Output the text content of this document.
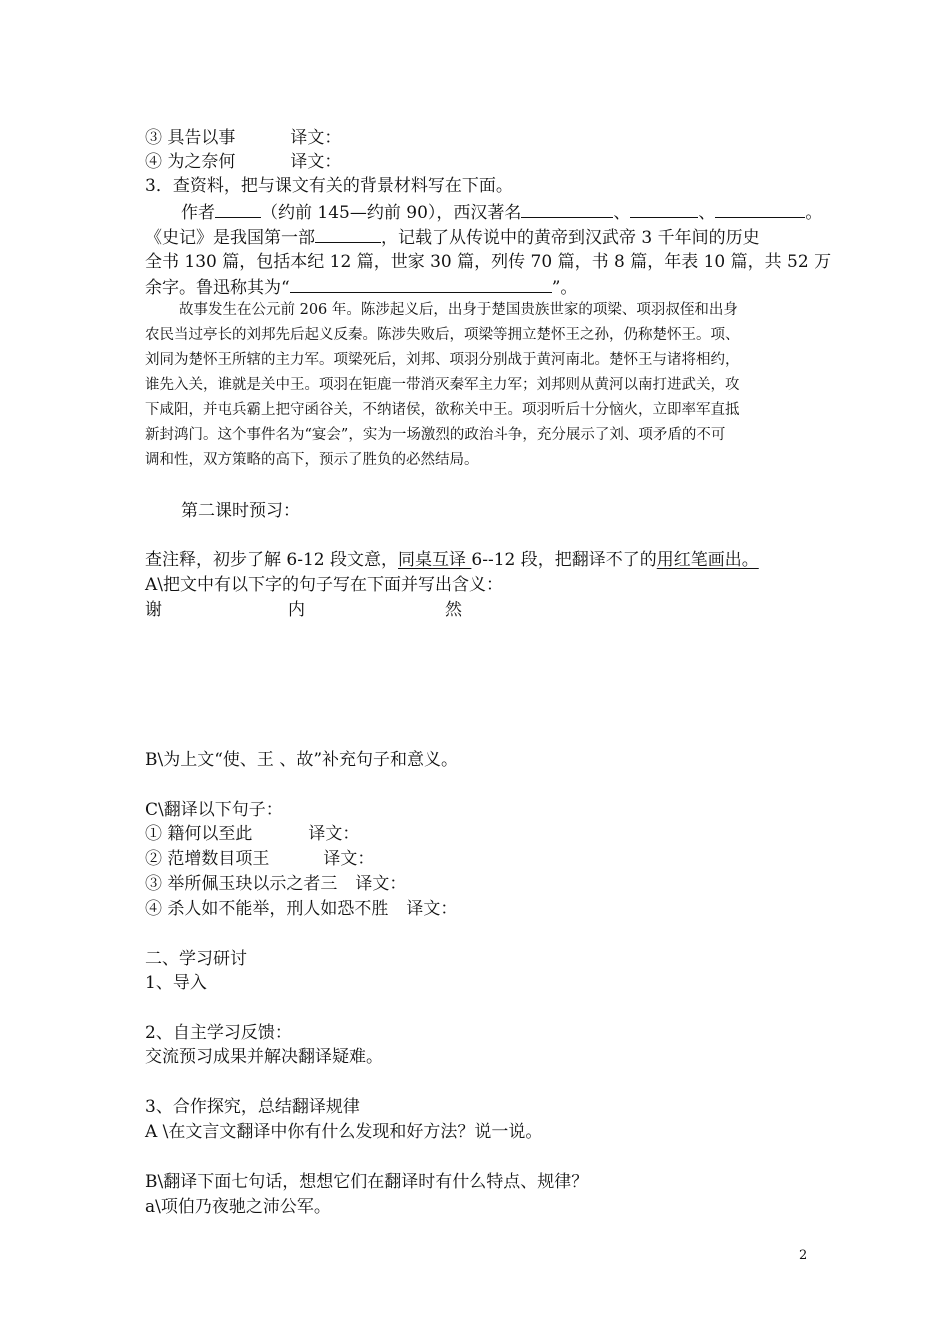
③ 具告以事	译文：
④ 为之奈何	译文：
3．查资料，把与课文有关的背景材料写在下面。
作者	（约前 145—约前 90），西汉著名	、	、	。
《史记》是我国第一部	，记载了从传说中的黄帝到汉武帝 3 千年间的历史
全书 130 篇，包括本纪 12 篇，世家 30 篇，列传 70 篇，书 8 篇，年表 10 篇，共 52 万
余字。鲁迅称其为“	”。
故事发生在公元前 206 年。陈涉起义后，出身于楚国贵族世家的项梁、项羽叔侄和出身
农民当过亭长的刘邦先后起义反秦。陈涉失败后，项梁等拥立楚怀王之孙，仍称楚怀王。项、
刘同为楚怀王所辖的主力军。项梁死后，刘邦、项羽分别战于黄河南北。楚怀王与诸将相约，
谁先入关，谁就是关中王。项羽在钜鹿一带消灭秦军主力军；刘邦则从黄河以南打进武关，攻
下咸阳，并屯兵霸上把守函谷关，不纳诸侯，欲称关中王。项羽听后十分恼火，立即率军直抵
新封鸿门。这个事件名为“宴会”，实为一场激烈的政治斗争，充分展示了刘、项矛盾的不可
调和性，双方策略的高下，预示了胜负的必然结局。
第二课时预习：
查注释，初步了解 6-12 段文意，同桌互译 6--12 段，把翻译不了的用红笔画出。
A\把文中有以下字的句子写在下面并写出含义：
谢	内	然
B\为上文“使、王 、故”补充句子和意义。
C\翻译以下句子：
① 籍何以至此	译文：
② 范增数目项王	译文：
③ 举所佩玉玦以示之者三 译文：
④ 杀人如不能举，刑人如恐不胜 译文：
二、学习研讨
1、导入
2、自主学习反馈：
交流预习成果并解决翻译疑难。
3、合作探究，总结翻译规律
A \在文言文翻译中你有什么发现和好方法？说一说。
B\翻译下面七句话，想想它们在翻译时有什么特点、规律？
a\项伯乃夜驰之沛公军。
2
